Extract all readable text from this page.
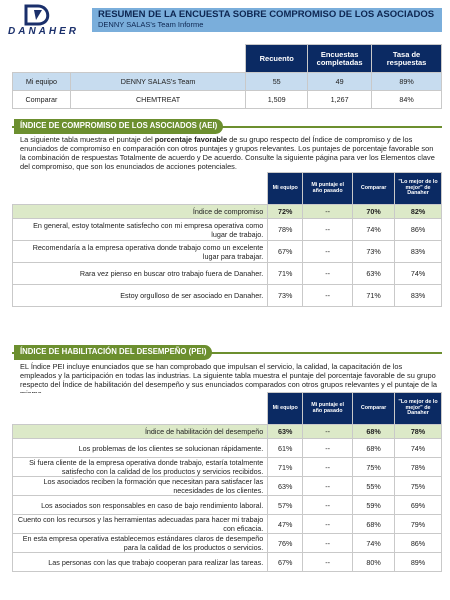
DANAHER
RESUMEN DE LA ENCUESTA SOBRE COMPROMISO DE LOS ASOCIADOS
DENNY SALAS's Team Informe
		Recuento	Encuestas completadas	Tasa de respuestas
Mi equipo	DENNY SALAS's Team	55	49	89%
Comparar	CHEMTREAT	1,509	1,267	84%
ÍNDICE DE COMPROMISO DE LOS ASOCIADOS (AEI)
La siguiente tabla muestra el puntaje del porcentaje favorable de su grupo respecto del Índice de compromiso y de los enunciados de compromiso en comparación con otros puntajes y grupos relevantes. Los puntajes de porcentaje favorable son la combinación de respuestas Totalmente de acuerdo y De acuerdo. Consulte la siguiente página para ver los Elementos clave del compromiso, que son los enunciados de acciones potenciales.
	Mi equipo	Mi puntaje el año pasado	Comparar	"Lo mejor de lo mejor" de Danaher
Índice de compromiso	72%	--	70%	82%
En general, estoy totalmente satisfecho con mi empresa operativa como lugar de trabajo.	78%	--	74%	86%
Recomendaría a la empresa operativa donde trabajo como un excelente lugar para trabajar.	67%	--	73%	83%
Rara vez pienso en buscar otro trabajo fuera de Danaher.	71%	--	63%	74%
Estoy orgulloso de ser asociado en Danaher.	73%	--	71%	83%
ÍNDICE DE HABILITACIÓN DEL DESEMPEÑO (PEI)
EL Índice PEI incluye enunciados que se han comprobado que impulsan el servicio, la calidad, la capacitación de los empleados y la participación en todas las industrias. La siguiente tabla muestra el puntaje del porcentaje favorable de su grupo respecto del Índice de habilitación del desempeño y sus enunciados comparados con otros grupos relevantes y el puntaje de la
	Mi equipo	Mi puntaje el año pasado	Comparar	"Lo mejor de lo mejor" de Danaher
Índice de habilitación del desempeño	63%	--	68%	78%
Los problemas de los clientes se solucionan rápidamente.	61%	--	68%	74%
Si fuera cliente de la empresa operativa donde trabajo, estaría totalmente satisfecho con la calidad de los productos y servicios recibidos.	71%	--	75%	78%
Los asociados reciben la formación que necesitan para satisfacer las necesidades de los clientes.	63%	--	55%	75%
Los asociados son responsables en caso de bajo rendimiento laboral.	57%	--	59%	69%
Cuento con los recursos y las herramientas adecuadas para hacer mi trabajo con eficacia.	47%	--	68%	79%
En esta empresa operativa establecemos estándares claros de desempeño para la calidad de los productos o servicios.	76%	--	74%	86%
Las personas con las que trabajo cooperan para realizar las tareas.	67%	--	80%	89%
